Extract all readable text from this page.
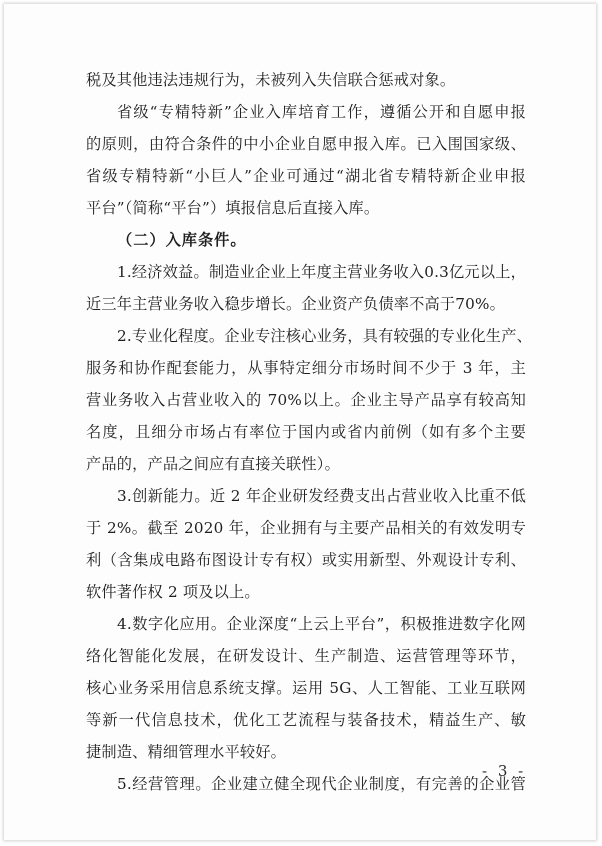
税及其他违法违规行为，未被列入失信联合惩戒对象。
省级“专精特新”企业入库培育工作，遵循公开和自愿申报
的原则，由符合条件的中小企业自愿申报入库。已入围国家级、
省级专精特新“小巨人”企业可通过“湖北省专精特新企业申报
平台”（简称“平台”）填报信息后直接入库。
（二）入库条件。
1.经济效益。制造业企业上年度主营业务收入0.3亿元以上，
近三年主营业务收入稳步增长。企业资产负债率不高于70%。
2.专业化程度。企业专注核心业务，具有较强的专业化生产、
服务和协作配套能力，从事特定细分市场时间不少于 3 年，主
营业务收入占营业收入的 70%以上。企业主导产品享有较高知
名度，且细分市场占有率位于国内或省内前例（如有多个主要
产品的，产品之间应有直接关联性）。
3.创新能力。近 2 年企业研发经费支出占营业收入比重不低
于 2%。截至 2020 年，企业拥有与主要产品相关的有效发明专
利（含集成电路布图设计专有权）或实用新型、外观设计专利、
软件著作权 2 项及以上。
4.数字化应用。企业深度“上云上平台”，积极推进数字化网
络化智能化发展，在研发设计、生产制造、运营管理等环节，
核心业务采用信息系统支撑。运用 5G、人工智能、工业互联网
等新一代信息技术，优化工艺流程与装备技术，精益生产、敏
捷制造、精细管理水平较好。
5.经营管理。企业建立健全现代企业制度，有完善的企业管
- 3 -
